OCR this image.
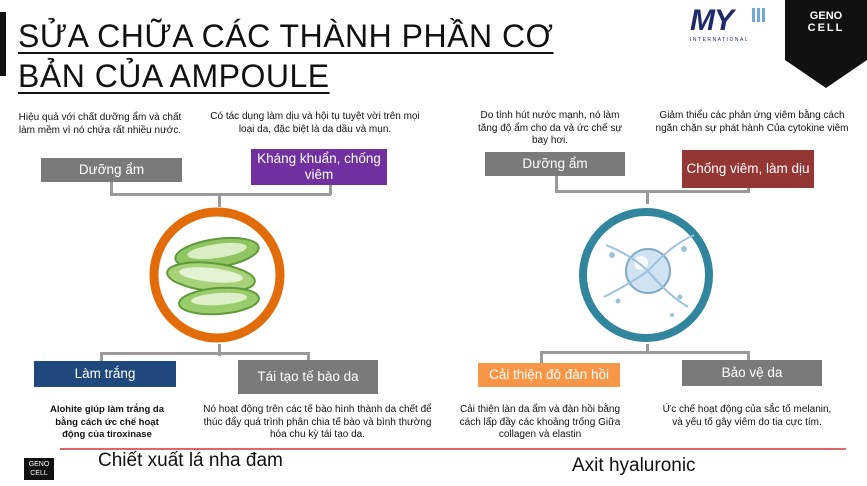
SỬA CHỮA CÁC THÀNH PHẦN CƠ
BẢN CỦA AMPOULE
MY
INTERNATIONAL
GENO
CELL
Hiệu quả với chất dưỡng ẩm và chất làm mềm vì nó chứa rất nhiều nước.
Dưỡng ẩm
Có tác dụng làm dịu và hội tụ tuyệt vời trên mọi loại da, đặc biệt là da dầu và mụn.
Kháng khuẩn, chống viêm
Làm trắng	Tái tạo tế bào da
Alohite giúp làm trắng da bằng cách ức chế hoạt động của tiroxinase
Nó hoạt động trên các tế bào hình thành da chết để thúc đẩy quá trình phân chia tế bào và bình thường hóa chu kỳ tái tạo da.
Chiết xuất lá nha đam
GENO
CELL
Do tính hút nước mạnh, nó làm tăng độ ẩm cho da và ức chế sự bay hơi.
Dưỡng ẩm
Giảm thiểu các phản ứng viêm bằng cách ngăn chặn sự phát hành Của cytokine viêm
Chống viêm, làm dịu
Cải thiện độ đàn hồi	Bảo vệ da
Cải thiện làn da ẩm và đàn hồi bằng cách lấp đầy các khoảng trống Giữa collagen và elastin
Ức chế hoạt động của sắc tố melanin, và yếu tố gây viêm do tia cực tím.
Axit hyaluronic
